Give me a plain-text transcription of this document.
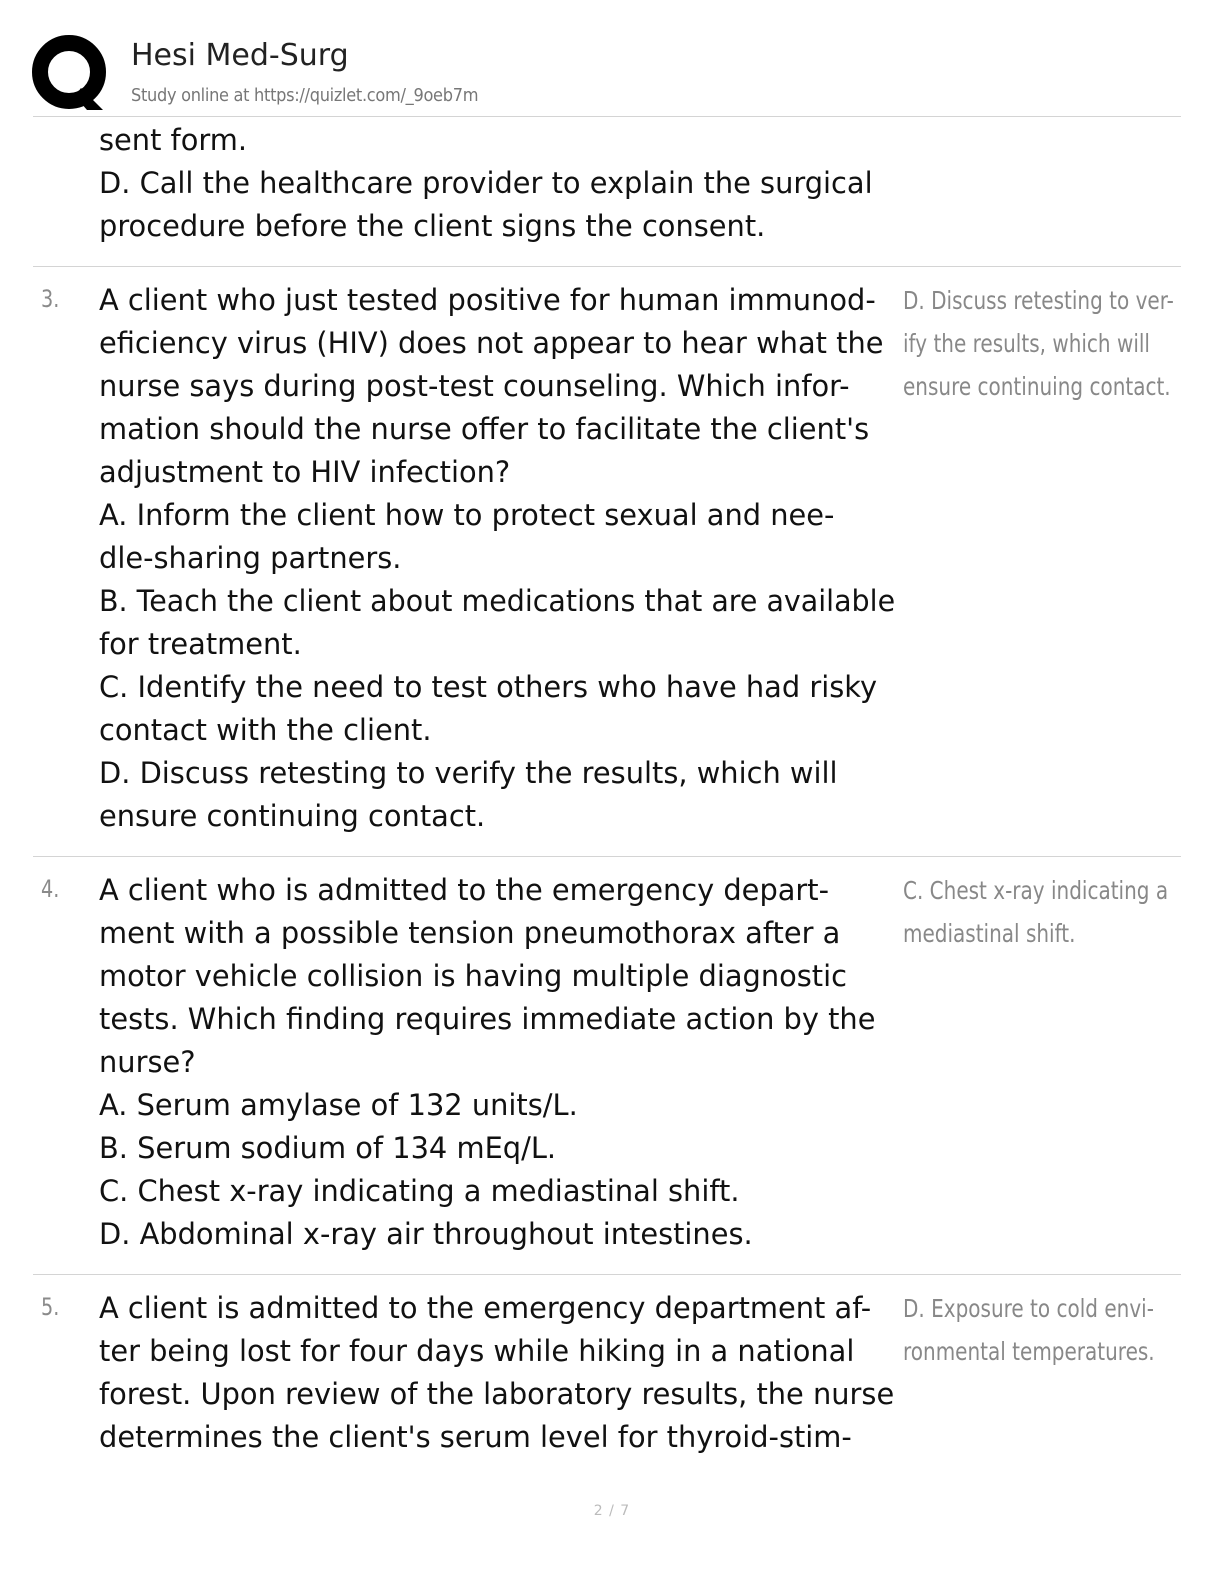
Hesi Med-Surg
Study online at https://quizlet.com/_9oeb7m
sent form.
D. Call the healthcare provider to explain the surgical
procedure before the client signs the consent.
3. A client who just tested positive for human immunod-
eficiency virus (HIV) does not appear to hear what the
nurse says during post-test counseling. Which infor-
mation should the nurse offer to facilitate the client's
adjustment to HIV infection?
A. Inform the client how to protect sexual and nee-
dle-sharing partners.
B. Teach the client about medications that are available
for treatment.
C. Identify the need to test others who have had risky
contact with the client.
D. Discuss retesting to verify the results, which will
ensure continuing contact.
D. Discuss retesting to ver-
ify the results, which will
ensure continuing contact.
4. A client who is admitted to the emergency depart-
ment with a possible tension pneumothorax after a
motor vehicle collision is having multiple diagnostic
tests. Which finding requires immediate action by the
nurse?
A. Serum amylase of 132 units/L.
B. Serum sodium of 134 mEq/L.
C. Chest x-ray indicating a mediastinal shift.
D. Abdominal x-ray air throughout intestines.
C. Chest x-ray indicating a
mediastinal shift.
5. A client is admitted to the emergency department af-
ter being lost for four days while hiking in a national
forest. Upon review of the laboratory results, the nurse
determines the client's serum level for thyroid-stim-
D. Exposure to cold envi-
ronmental temperatures.
2 / 7
